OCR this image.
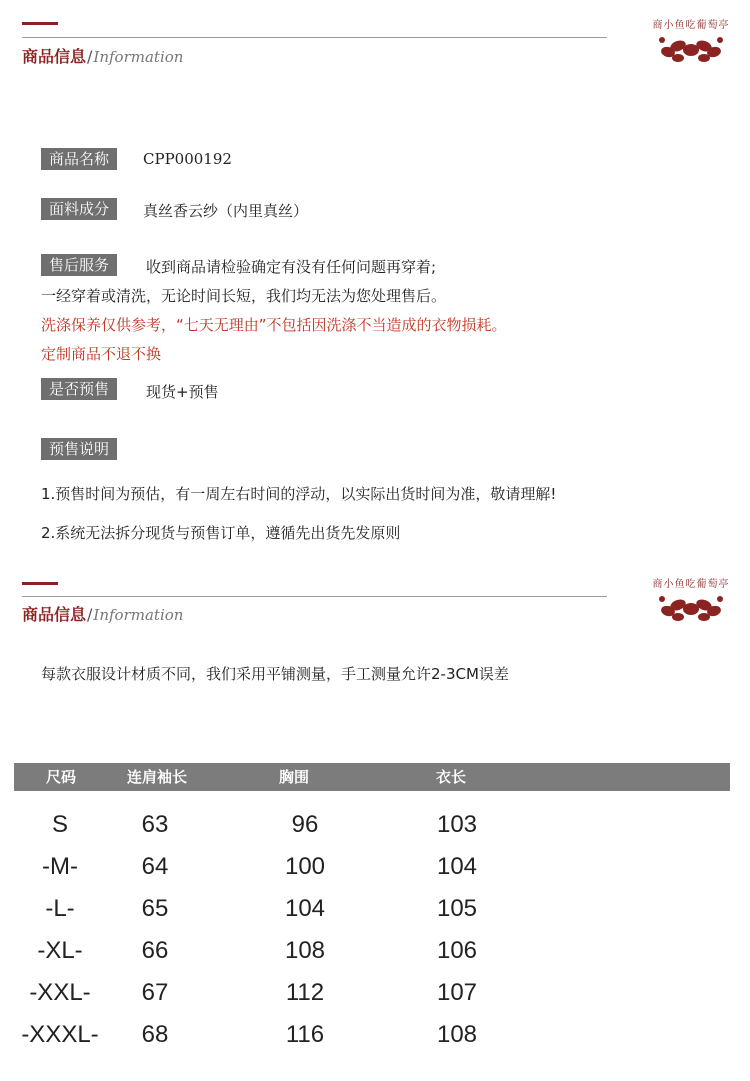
商品信息/Information
商小鱼吃葡萄亭
商品名称	CPP000192
面料成分	真丝香云纱（内里真丝）
售后服务	收到商品请检验确定有没有任何问题再穿着;
一经穿着或清洗，无论时间长短，我们均无法为您处理售后。
洗涤保养仅供参考，“七天无理由”不包括因洗涤不当造成的衣物损耗。
定制商品不退不换
是否预售	现货+预售
预售说明
1.预售时间为预估，有一周左右时间的浮动，以实际出货时间为准，敬请理解!
2.系统无法拆分现货与预售订单，遵循先出货先发原则
商品信息/Information
商小鱼吃葡萄亭
每款衣服设计材质不同，我们采用平铺测量，手工测量允许2-3CM误差
尺码	连肩袖长	胸围	衣长
S	63	96	103
-M-	64	100	104
-L-	65	104	105
-XL-	66	108	106
-XXL-	67	112	107
-XXXL-	68	116	108
